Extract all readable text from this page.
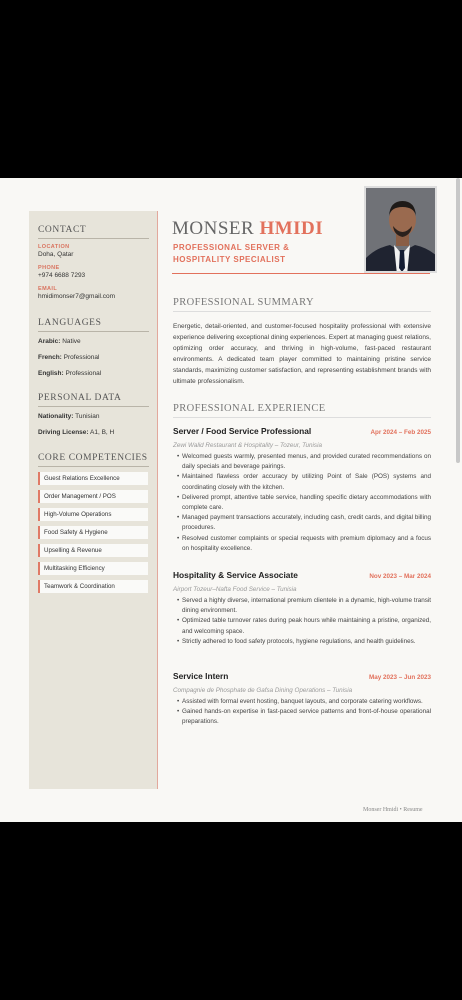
CONTACT
LOCATION
Doha, Qatar
PHONE
+974 6688 7293
EMAIL
hmidimonser7@gmail.com
LANGUAGES
Arabic: Native
French: Professional
English: Professional
PERSONAL DATA
Nationality: Tunisian
Driving License: A1, B, H
CORE COMPETENCIES
Guest Relations Excellence
Order Management / POS
High-Volume Operations
Food Safety & Hygiene
Upselling & Revenue
Multitasking Efficiency
Teamwork & Coordination
MONSER HMIDI
PROFESSIONAL SERVER & HOSPITALITY SPECIALIST
PROFESSIONAL SUMMARY
Energetic, detail-oriented, and customer-focused hospitality professional with extensive experience delivering exceptional dining experiences. Expert at managing guest relations, optimizing order accuracy, and thriving in high-volume, fast-paced restaurant environments. A dedicated team player committed to maintaining pristine service standards, maximizing customer satisfaction, and representing establishment brands with ultimate professionalism.
PROFESSIONAL EXPERIENCE
Server / Food Service Professional	Apr 2024 – Feb 2025
Zewi Walid Restaurant & Hospitality – Tozeur, Tunisia
• Welcomed guests warmly, presented menus, and provided curated recommendations on daily specials and beverage pairings.
• Maintained flawless order accuracy by utilizing Point of Sale (POS) systems and coordinating closely with the kitchen.
• Delivered prompt, attentive table service, handling specific dietary accommodations with complete care.
• Managed payment transactions accurately, including cash, credit cards, and digital billing procedures.
• Resolved customer complaints or special requests with premium diplomacy and a focus on hospitality excellence.
Hospitality & Service Associate	Nov 2023 – Mar 2024
Airport Tozeur–Nafta Food Service – Tunisia
• Served a highly diverse, international premium clientele in a dynamic, high-volume transit dining environment.
• Optimized table turnover rates during peak hours while maintaining a pristine, organized, and welcoming space.
• Strictly adhered to food safety protocols, hygiene regulations, and health guidelines.
Service Intern	May 2023 – Jun 2023
Compagnie de Phosphate de Gafsa Dining Operations – Tunisia
• Assisted with formal event hosting, banquet layouts, and corporate catering workflows.
• Gained hands-on expertise in fast-paced service patterns and front-of-house operational preparations.
Monser Hmidi • Resume
